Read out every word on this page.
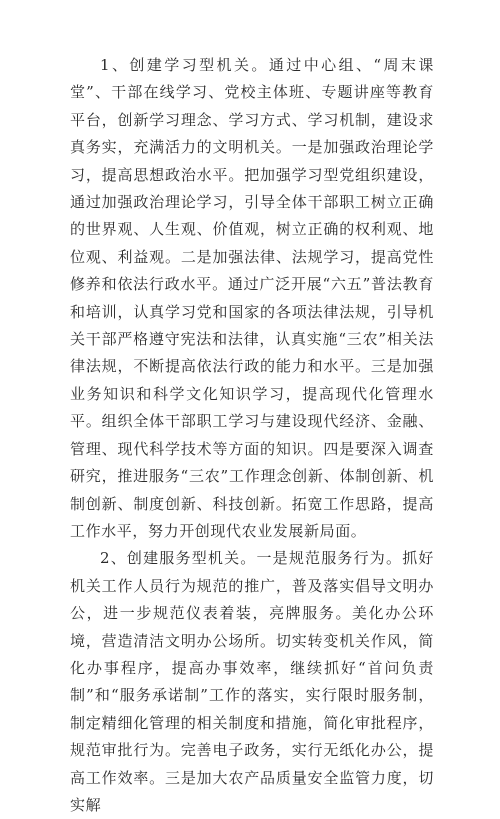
1、创建学习型机关。通过中心组、“周末课堂”、干部在线学习、党校主体班、专题讲座等教育平台，创新学习理念、学习方式、学习机制，建设求真务实，充满活力的文明机关。一是加强政治理论学习，提高思想政治水平。把加强学习型党组织建设，通过加强政治理论学习，引导全体干部职工树立正确的世界观、人生观、价值观，树立正确的权利观、地位观、利益观。二是加强法律、法规学习，提高党性修养和依法行政水平。通过广泛开展“六五”普法教育和培训，认真学习党和国家的各项法律法规，引导机关干部严格遵守宪法和法律，认真实施“三农”相关法律法规，不断提高依法行政的能力和水平。三是加强业务知识和科学文化知识学习，提高现代化管理水平。组织全体干部职工学习与建设现代经济、金融、管理、现代科学技术等方面的知识。四是要深入调查研究，推进服务“三农”工作理念创新、体制创新、机制创新、制度创新、科技创新。拓宽工作思路，提高工作水平，努力开创现代农业发展新局面。

2、创建服务型机关。一是规范服务行为。抓好机关工作人员行为规范的推广，普及落实倡导文明办公，进一步规范仪表着装，亮牌服务。美化办公环境，营造清洁文明办公场所。切实转变机关作风，简化办事程序，提高办事效率，继续抓好“首问负责制”和“服务承诺制”工作的落实，实行限时服务制，制定精细化管理的相关制度和措施，简化审批程序，规范审批行为。完善电子政务，实行无纸化办公，提高工作效率。三是加大农产品质量安全监管力度，切实解
